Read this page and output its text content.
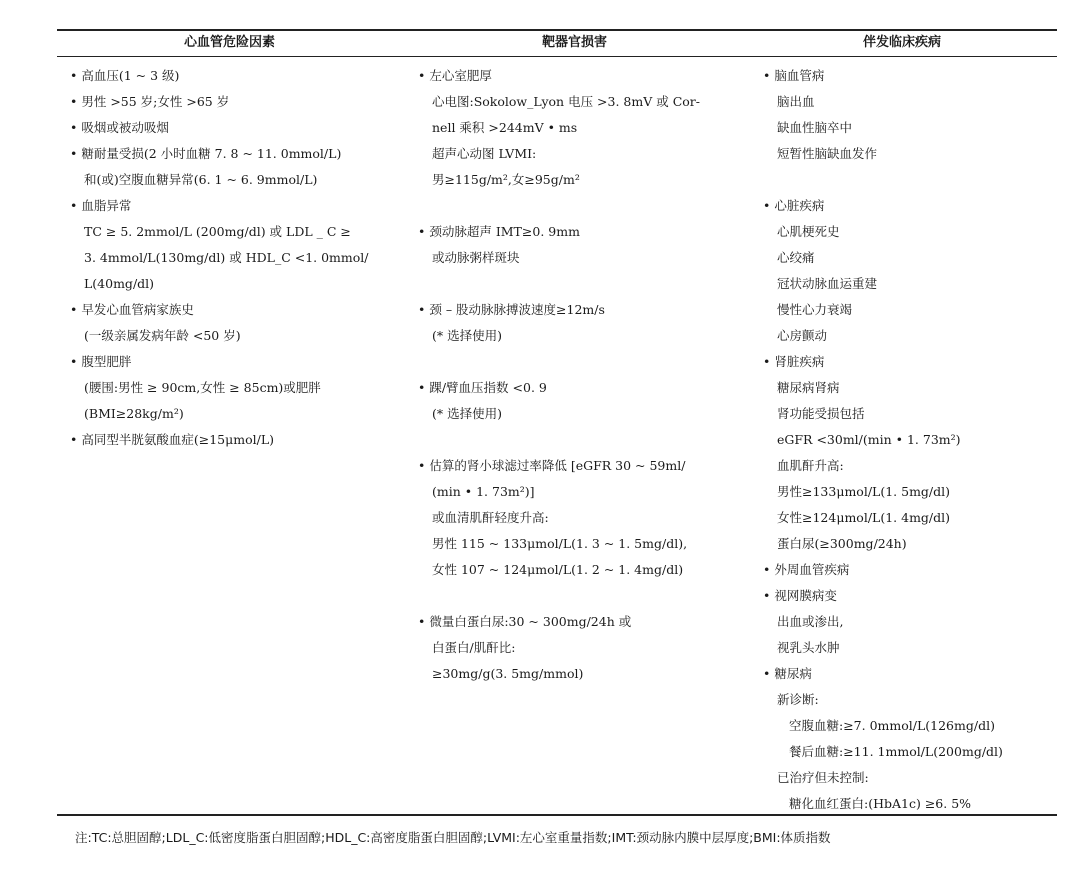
心血管危险因素	靶器官损害	伴发临床疾病
• 高血压(1 ~ 3 级)
• 男性 >55 岁;女性 >65 岁
• 吸烟或被动吸烟
• 糖耐量受损(2 小时血糖 7. 8 ~ 11. 0mmol/L)
和(或)空腹血糖异常(6. 1 ~ 6. 9mmol/L)
• 血脂异常
TC ≥ 5. 2mmol/L (200mg/dl) 或 LDL _ C ≥
3. 4mmol/L(130mg/dl) 或 HDL_C <1. 0mmol/
L(40mg/dl)
• 早发心血管病家族史
(一级亲属发病年龄 <50 岁)
• 腹型肥胖
(腰围:男性 ≥ 90cm,女性 ≥ 85cm)或肥胖
(BMI≥28kg/m²)
• 高同型半胱氨酸血症(≥15μmol/L)
• 左心室肥厚
心电图:Sokolow_Lyon 电压 >3. 8mV 或 Cor-
nell 乘积 >244mV • ms
超声心动图 LVMI:
男≥115g/m²,女≥95g/m²
• 颈动脉超声 IMT≥0. 9mm
或动脉粥样斑块
• 颈 – 股动脉脉搏波速度≥12m/s
(* 选择使用)
• 踝/臂血压指数 <0. 9
(* 选择使用)
• 估算的肾小球滤过率降低 [eGFR 30 ~ 59ml/
(min • 1. 73m²)]
或血清肌酐轻度升高:
男性 115 ~ 133μmol/L(1. 3 ~ 1. 5mg/dl),
女性 107 ~ 124μmol/L(1. 2 ~ 1. 4mg/dl)
• 微量白蛋白尿:30 ~ 300mg/24h 或
白蛋白/肌酐比:
≥30mg/g(3. 5mg/mmol)
• 脑血管病
脑出血
缺血性脑卒中
短暂性脑缺血发作
• 心脏疾病
心肌梗死史
心绞痛
冠状动脉血运重建
慢性心力衰竭
心房颤动
• 肾脏疾病
糖尿病肾病
肾功能受损包括
eGFR <30ml/(min • 1. 73m²)
血肌酐升高:
男性≥133μmol/L(1. 5mg/dl)
女性≥124μmol/L(1. 4mg/dl)
蛋白尿(≥300mg/24h)
• 外周血管疾病
• 视网膜病变
出血或渗出,
视乳头水肿
• 糖尿病
新诊断:
空腹血糖:≥7. 0mmol/L(126mg/dl)
餐后血糖:≥11. 1mmol/L(200mg/dl)
已治疗但未控制:
糖化血红蛋白:(HbA1c) ≥6. 5%
注:TC:总胆固醇;LDL_C:低密度脂蛋白胆固醇;HDL_C:高密度脂蛋白胆固醇;LVMI:左心室重量指数;IMT:颈动脉内膜中层厚度;BMI:体质指数
